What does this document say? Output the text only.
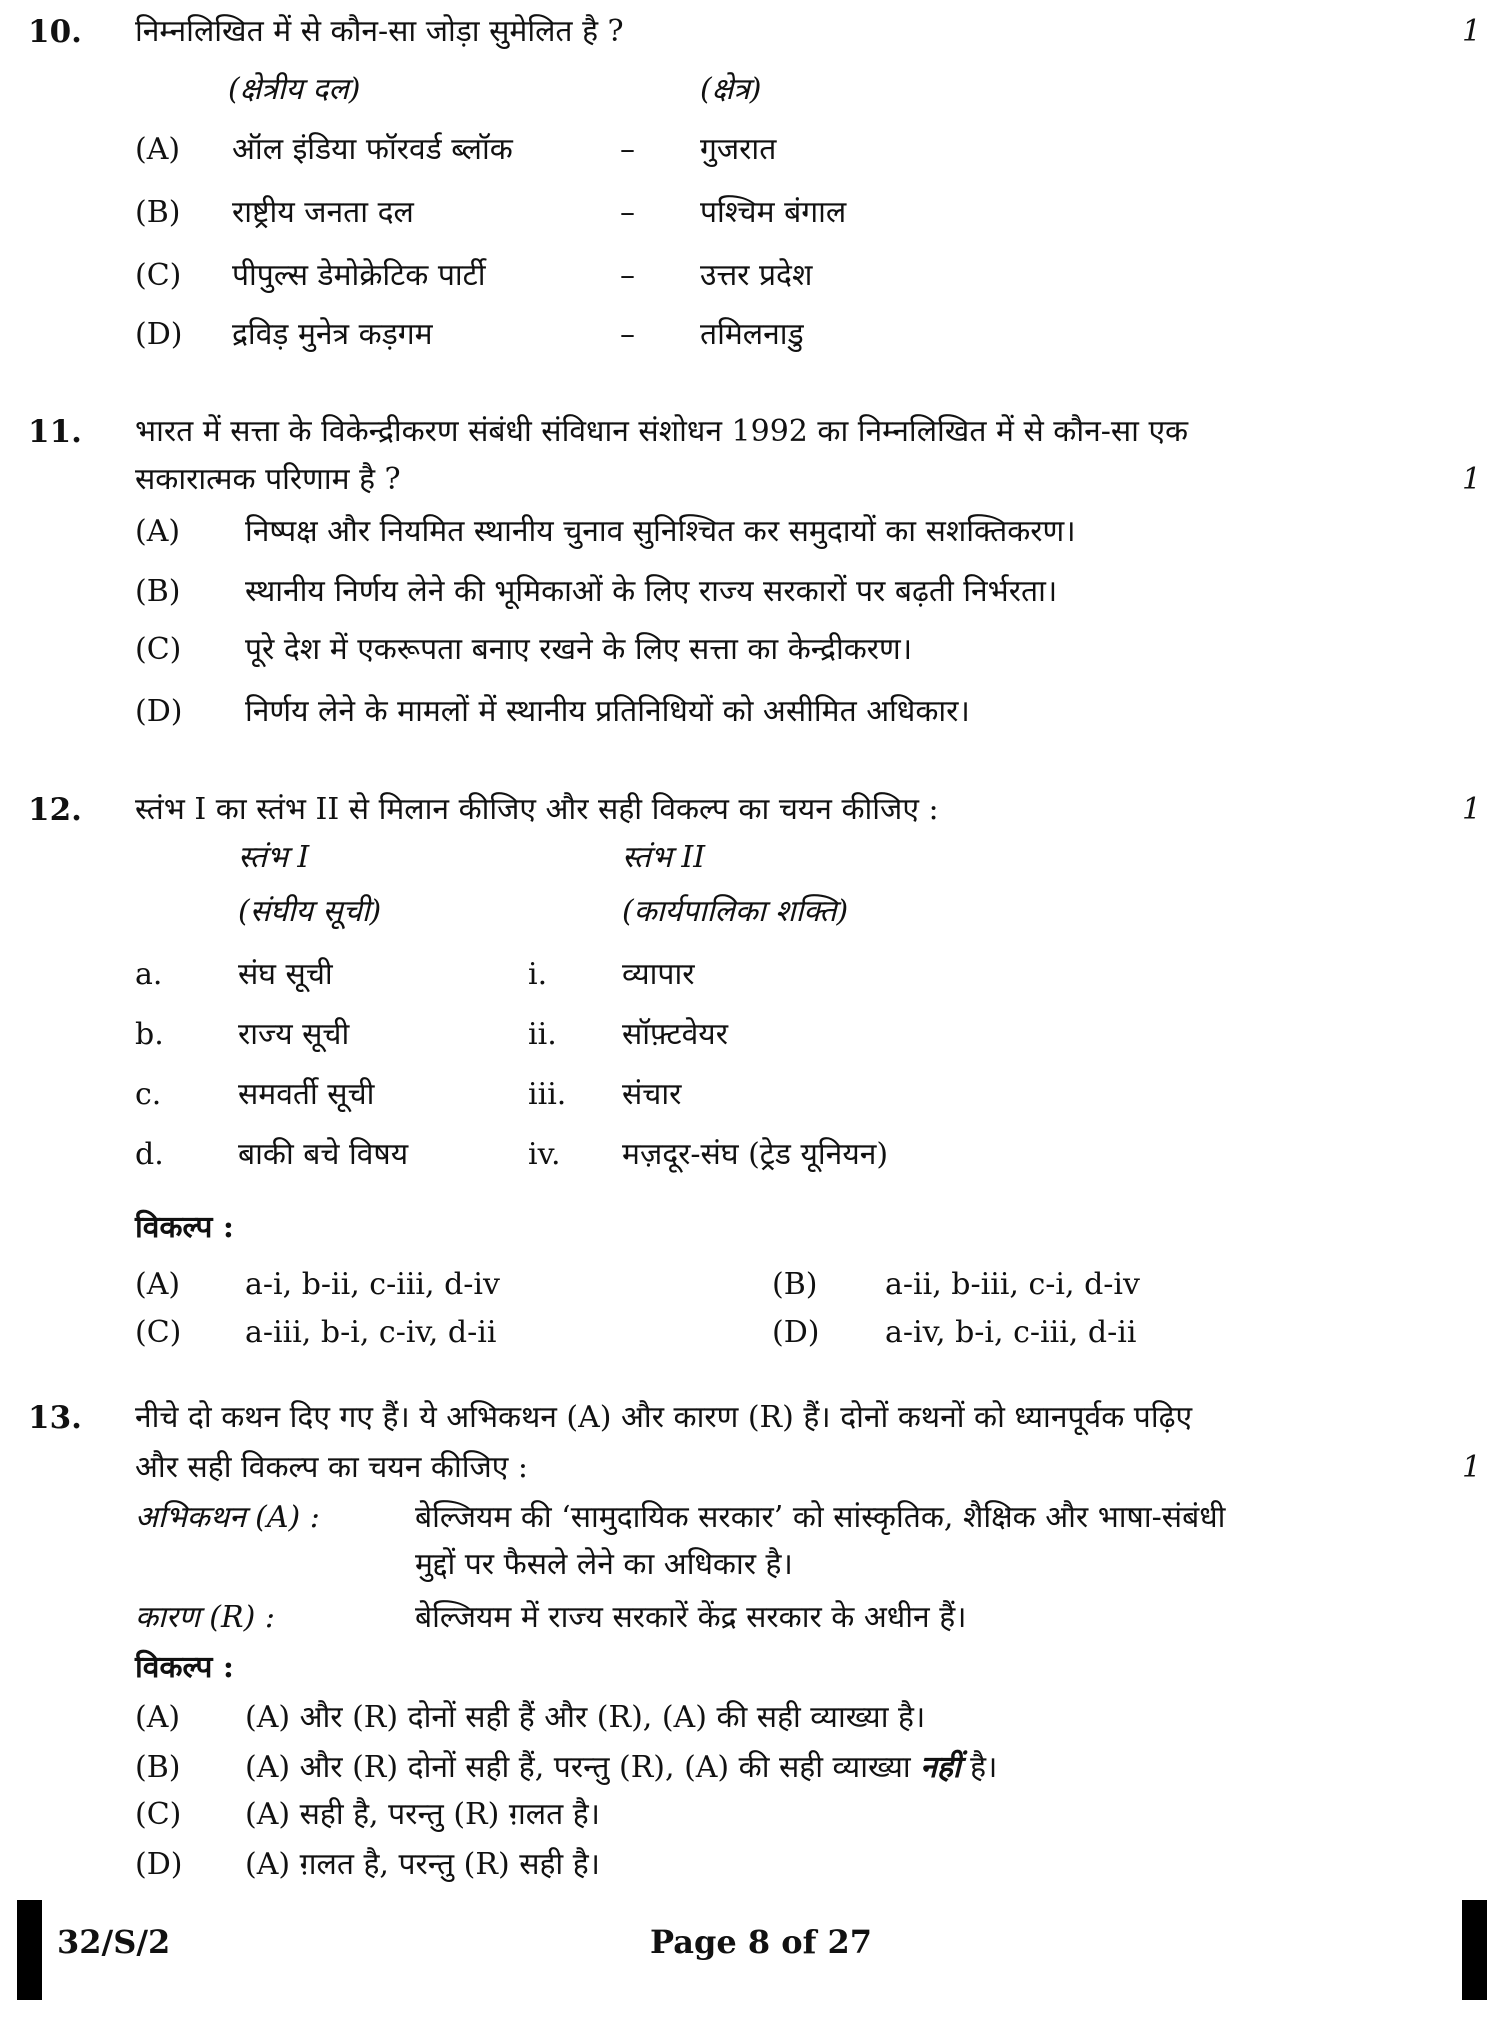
10. निम्नलिखित में से कौन-सा जोड़ा सुमेलित है ?	1
(क्षेत्रीय दल)	(क्षेत्र)
(A) ऑल इंडिया फॉरवर्ड ब्लॉक	– गुजरात
(B) राष्ट्रीय जनता दल	– पश्चिम बंगाल
(C) पीपुल्स डेमोक्रेटिक पार्टी	– उत्तर प्रदेश
(D) द्रविड़ मुनेत्र कड़गम	– तमिलनाडु
11. भारत में सत्ता के विकेन्द्रीकरण संबंधी संविधान संशोधन 1992 का निम्नलिखित में से कौन-सा एक
सकारात्मक परिणाम है ?	1
(A) निष्पक्ष और नियमित स्थानीय चुनाव सुनिश्चित कर समुदायों का सशक्तिकरण।
(B) स्थानीय निर्णय लेने की भूमिकाओं के लिए राज्य सरकारों पर बढ़ती निर्भरता।
(C) पूरे देश में एकरूपता बनाए रखने के लिए सत्ता का केन्द्रीकरण।
(D) निर्णय लेने के मामलों में स्थानीय प्रतिनिधियों को असीमित अधिकार।
12. स्तंभ I का स्तंभ II से मिलान कीजिए और सही विकल्प का चयन कीजिए :	1
स्तंभ I	स्तंभ II
(संघीय सूची)	(कार्यपालिका शक्ति)
a.	संघ सूची	i. व्यापार
b. राज्य सूची	ii. सॉफ़्टवेयर
c.	समवर्ती सूची	iii. संचार
d. बाकी बचे विषय	iv. मज़दूर-संघ (ट्रेड यूनियन)
विकल्प :
(A) a-i, b-ii, c-iii, d-iv	(B) a-ii, b-iii, c-i, d-iv
(C) a-iii, b-i, c-iv, d-ii	(D) a-iv, b-i, c-iii, d-ii
13. नीचे दो कथन दिए गए हैं। ये अभिकथन (A) और कारण (R) हैं। दोनों कथनों को ध्यानपूर्वक पढ़िए
और सही विकल्प का चयन कीजिए :	1
अभिकथन (A) :	बेल्जियम की ‘सामुदायिक सरकार’ को सांस्कृतिक, शैक्षिक और भाषा-संबंधी
मुद्दों पर फैसले लेने का अधिकार है।
कारण (R) :	बेल्जियम में राज्य सरकारें केंद्र सरकार के अधीन हैं।
विकल्प :
(A) (A) और (R) दोनों सही हैं और (R), (A) की सही व्याख्या है।
(B) (A) और (R) दोनों सही हैं, परन्तु (R), (A) की सही व्याख्या नहीं है।
(C) (A) सही है, परन्तु (R) ग़लत है।
(D) (A) ग़लत है, परन्तु (R) सही है।
32/S/2	Page 8 of 27
